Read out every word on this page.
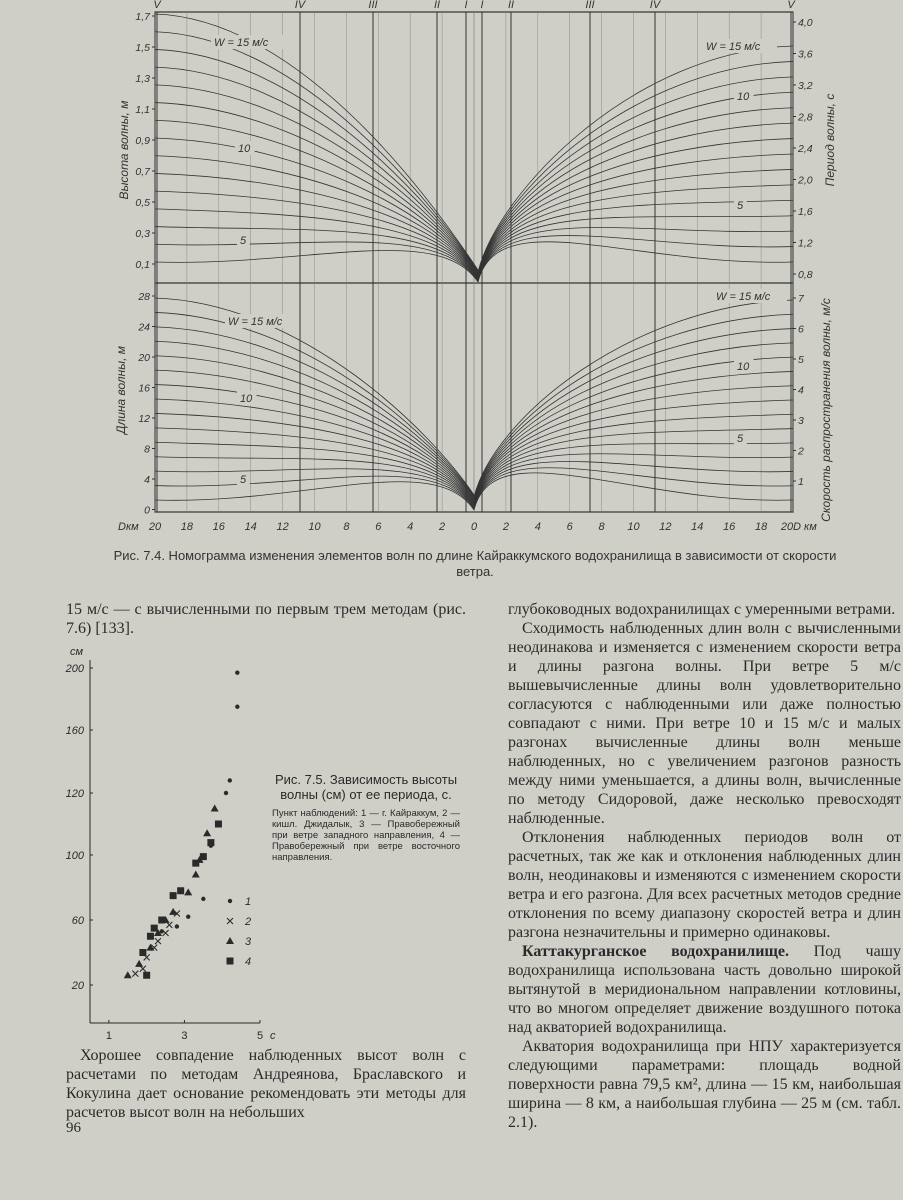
V	IV	III	II I I II	III	IV	V
1,7
1,5
1,3
1,1
0,9
0,7
0,5
0,3
0,1
4,0
3,6
3,2
2,8
2,4
2,0
1,6
1,2
0,8
28
24
20
16
12
8
4
0
7
6
5
4
3
2
1
Высота волны, м	Период волны, с
Длина волны, м	Скорость распространения волны, м/с
Dкм	D км
20 18 16 14 12 10 8 6 4 2 0 2 4 6 8 10 12 14 16 18 20
W = 15 м/с	W = 15 м/с
10
10
5
5
W = 15 м/с
W = 15 м/с
10
10
5
5
Рис. 7.4. Номограмма изменения элементов волн по длине Кайраккумского водохранилища в зависимости от скорости ветра.

15 м/с — с вычисленными по первым трем методам (рис. 7.6) [133].

см
200
160
120
100
60
20
1	3	5 с
1
2
3
4
Рис. 7.5. Зависимость высоты волны (см) от ее периода, с.
Пункт наблюдений: 1 — г. Кайраккум, 2 — кишл. Джидалык, 3 — Правобережный при ветре западного направления, 4 — Правобережный при ветре восточного направления.

Хорошее совпадение наблюденных высот волн с расчетами по методам Андреянова, Браславского и Кокулина дает основание рекомендовать эти методы для расчетов высот волн на небольших

глубоководных водохранилищах с умеренными ветрами.

Сходимость наблюденных длин волн с вычисленными неодинакова и изменяется с изменением скорости ветра и длины разгона волны. При ветре 5 м/с вышевычисленные длины волн удовлетворительно согласуются с наблюденными или даже полностью совпадают с ними. При ветре 10 и 15 м/с и малых разгонах вычисленные длины волн меньше наблюденных, но с увеличением разгонов разность между ними уменьшается, а длины волн, вычисленные по методу Сидоровой, даже несколько превосходят наблюденные.

Отклонения наблюденных периодов волн от расчетных, так же как и отклонения наблюденных длин волн, неодинаковы и изменяются с изменением скорости ветра и его разгона. Для всех расчетных методов средние отклонения по всему диапазону скоростей ветра и длин разгона незначительны и примерно одинаковы.

Каттакурганское водохранилище. Под чашу водохранилища использована часть довольно широкой вытянутой в меридиональном направлении котловины, что во многом определяет движение воздушного потока над акваторией водохранилища.

Акватория водохранилища при НПУ характеризуется следующими параметрами: площадь водной поверхности равна 79,5 км², длина — 15 км, наибольшая ширина — 8 км, а наибольшая глубина — 25 м (см. табл. 2.1).

96
